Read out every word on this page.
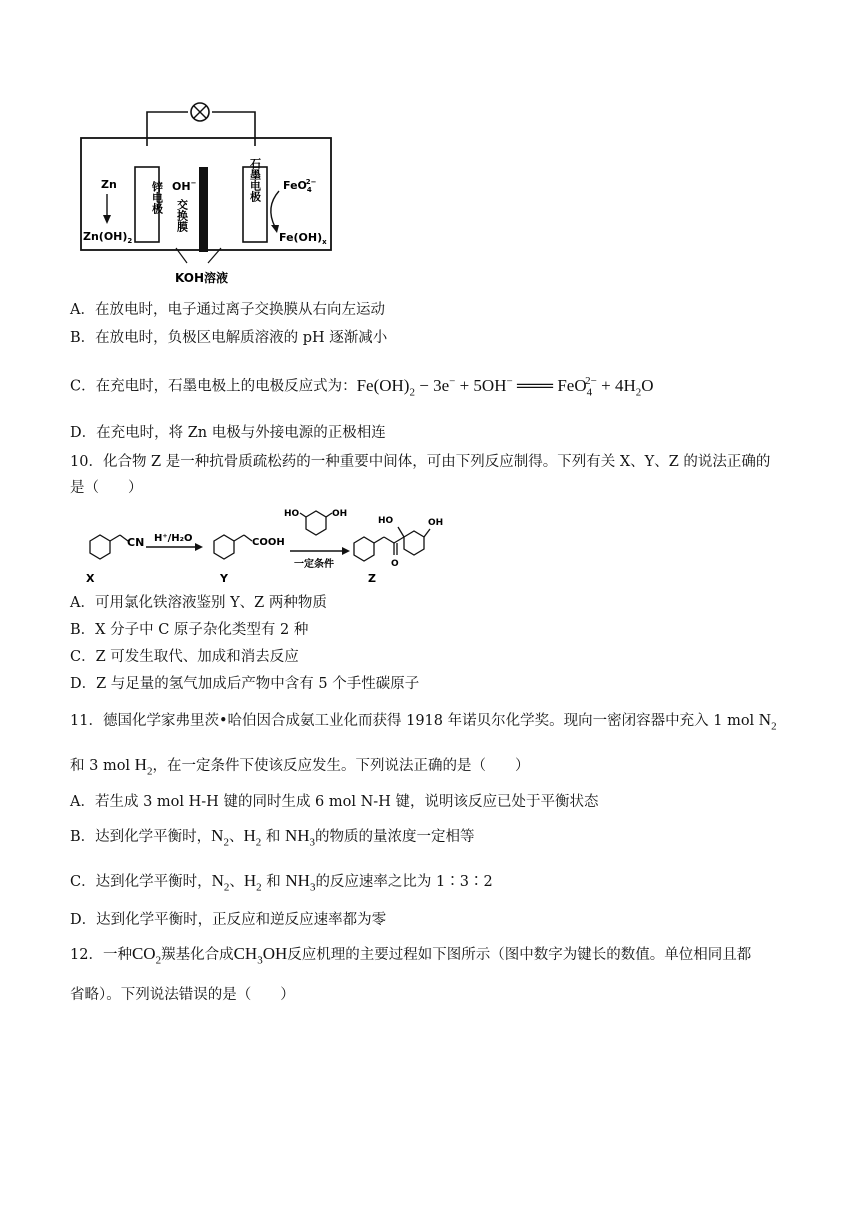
锌电极	石墨电极
OH−
交换膜
Zn
$Zn(OH)_2$
FeO$_4$2−
$Fe(OH)_x$
KOH溶液
A．在放电时，电子通过离子交换膜从右向左运动
B．在放电时，负极区电解质溶液的 pH 逐渐减小
C．在充电时，石墨电极上的电极反应式为：$Fe(OH)_2 - 3e^- + 5OH^-$ ═══ $FeO_4^{2-} + 4H_2O$
D．在充电时，将 Zn 电极与外接电源的正极相连
10．化合物 Z 是一种抗骨质疏松药的一种重要中间体，可由下列反应制得。下列有关 X、Y、Z 的说法正确的
是（　　）
CN
X
H⁺/H₂O	COOH
Y
HO	OH
一定条件
HO	OH
O
Z
A．可用氯化铁溶液鉴别 Y、Z 两种物质
B．X 分子中 C 原子杂化类型有 2 种
C．Z 可发生取代、加成和消去反应
D．Z 与足量的氢气加成后产物中含有 5 个手性碳原子
11．德国化学家弗里茨•哈伯因合成氨工业化而获得 1918 年诺贝尔化学奖。现向一密闭容器中充入 1 mol $N_2$
和 3 mol $H_2$，在一定条件下使该反应发生。下列说法正确的是（　　）
A．若生成 3 mol H-H 键的同时生成 6 mol N-H 键，说明该反应已处于平衡状态
B．达到化学平衡时，$N_2$、$H_2$ 和 $NH_3$的物质的量浓度一定相等
C．达到化学平衡时，$N_2$、$H_2$ 和 $NH_3$的反应速率之比为 1∶3∶2
D．达到化学平衡时，正反应和逆反应速率都为零
12．一种$CO_2$羰基化合成$CH_3OH$反应机理的主要过程如下图所示（图中数字为键长的数值。单位相同且都
省略）。下列说法错误的是（　　）
